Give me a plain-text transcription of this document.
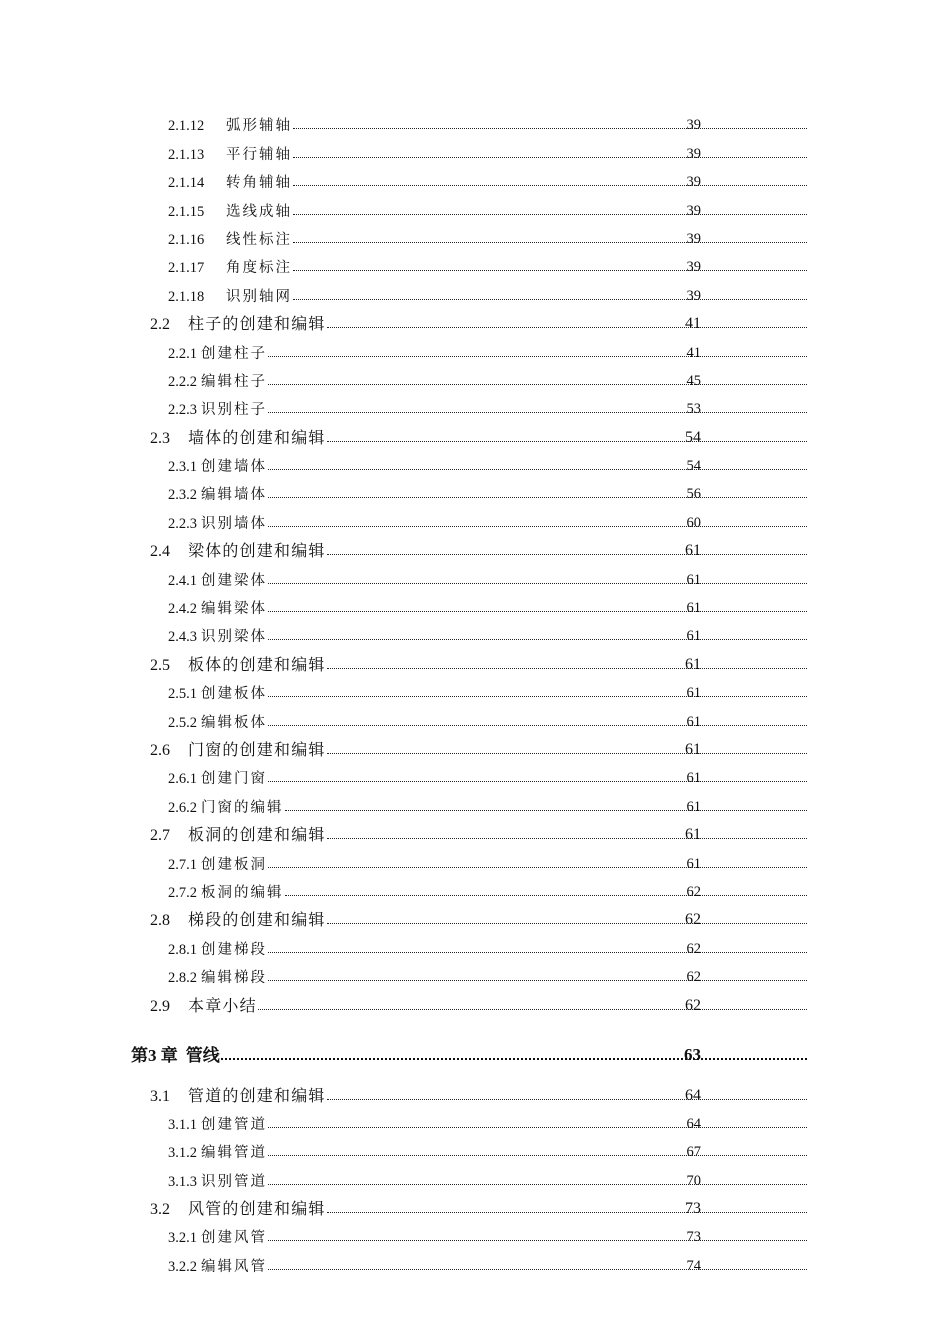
2.1.12 弧形辅轴	39
2.1.13 平行辅轴	39
2.1.14 转角辅轴	39
2.1.15 选线成轴	39
2.1.16 线性标注	39
2.1.17 角度标注	39
2.1.18 识别轴网	39
2.2 柱子的创建和编辑	41
2.2.1 创建柱子	41
2.2.2 编辑柱子	45
2.2.3 识别柱子	53
2.3 墙体的创建和编辑	54
2.3.1 创建墙体	54
2.3.2 编辑墙体	56
2.2.3 识别墙体	60
2.4 梁体的创建和编辑	61
2.4.1 创建梁体	61
2.4.2 编辑梁体	61
2.4.3 识别梁体	61
2.5 板体的创建和编辑	61
2.5.1 创建板体	61
2.5.2 编辑板体	61
2.6 门窗的创建和编辑	61
2.6.1 创建门窗	61
2.6.2 门窗的编辑	61
2.7 板洞的创建和编辑	61
2.7.1 创建板洞	61
2.7.2 板洞的编辑	62
2.8 梯段的创建和编辑	62
2.8.1 创建梯段	62
2.8.2 编辑梯段	62
2.9 本章小结	62
第3 章 管线	63
3.1 管道的创建和编辑	64
3.1.1 创建管道	64
3.1.2 编辑管道	67
3.1.3 识别管道	70
3.2 风管的创建和编辑	73
3.2.1 创建风管	73
3.2.2 编辑风管	74
